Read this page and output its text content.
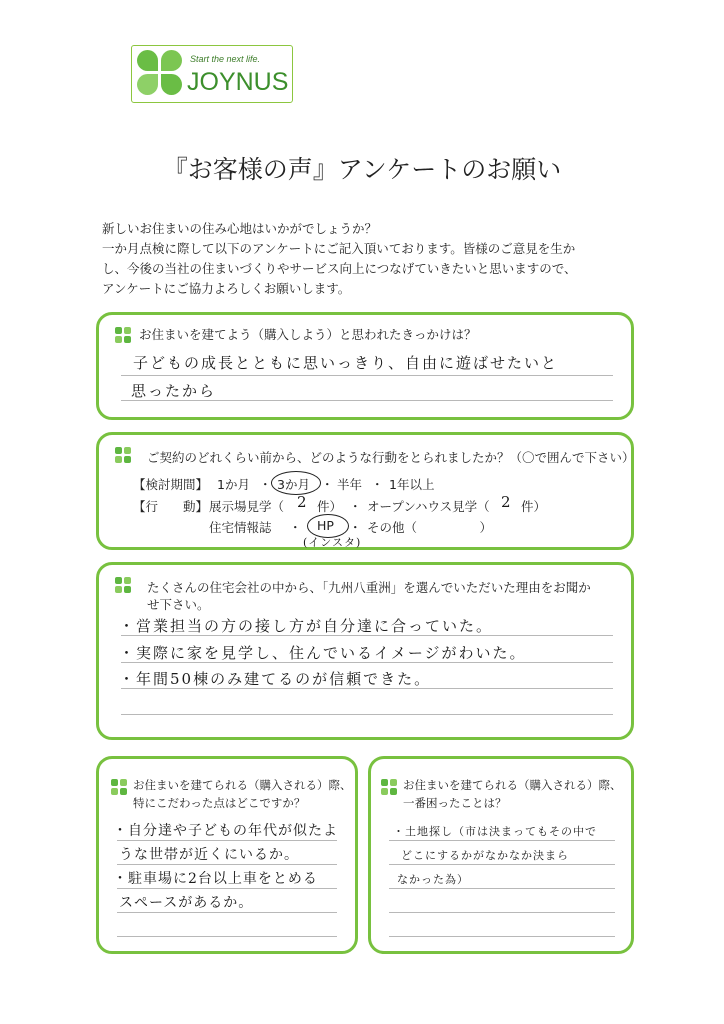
Start the next life.
JOYNUS
『お客様の声』アンケートのお願い
新しいお住まいの住み心地はいかがでしょうか？
一か月点検に際して以下のアンケートにご記入頂いております。皆様のご意見を生か
し、今後の当社の住まいづくりやサービス向上につなげていきたいと思いますので、
アンケートにご協力よろしくお願いします。
お住まいを建てよう（購入しよう）と思われたきっかけは？
子どもの成長とともに思いっきり、自由に遊ばせたいと
思ったから
ご契約のどれくらい前から、どのような行動をとられましたか？（〇で囲んで下さい）
【検討期間】 1か月 ・ 3か月 ・ 半年 ・ 1年以上
【行　　動】 展示場見学（ 2 件） ・ オープンハウス見学（ 2 件）
住宅情報誌 ・ HP
(インスタ)
・ その他（　　　　　）
たくさんの住宅会社の中から、「九州八重洲」を選んでいただいた理由をお聞か
せ下さい。
・営業担当の方の接し方が自分達に合っていた。
・実際に家を見学し、住んでいるイメージがわいた。
・年間50棟のみ建てるのが信頼できた。
お住まいを建てられる（購入される）際、
特にこだわった点はどこですか？
・自分達や子どもの年代が似たよ
うな世帯が近くにいるか。
・駐車場に2台以上車をとめる
スペースがあるか。
お住まいを建てられる（購入される）際、
一番困ったことは？
・土地探し（市は決まってもその中で
どこにするかがなかなか決まら
なかった為）
